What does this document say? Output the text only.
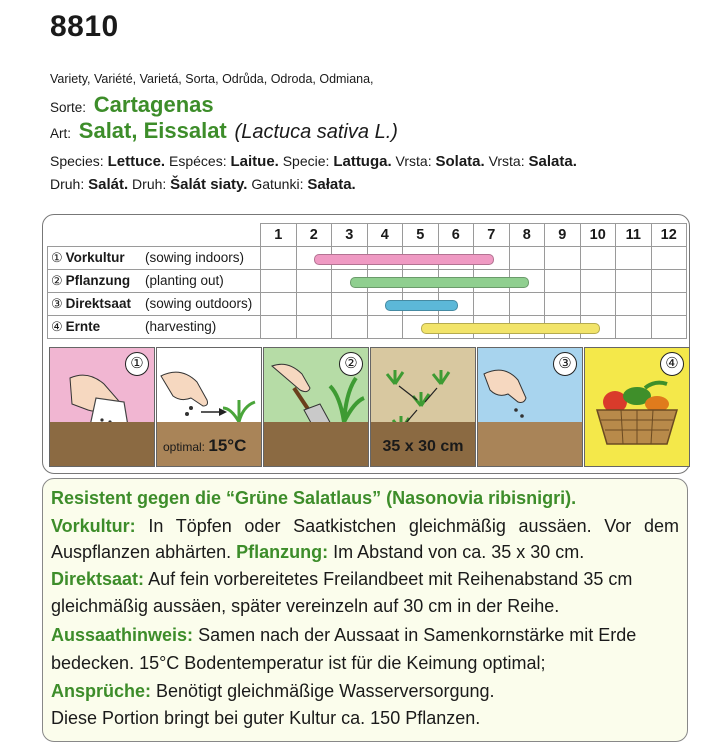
8810
Variety, Variété, Varietá, Sorta, Odrůda, Odroda, Odmiana,
Sorte: Cartagenas
Art: Salat, Eissalat (Lactuca sativa L.)
Species: Lettuce. Espéces: Laitue. Specie: Lattuga. Vrsta: Solata. Vrsta: Salata.
Druh: Salát. Druh: Šalát siaty. Gatunki: Sałata.
	1	2	3	4	5	6	7	8	9	10	11	12
① Vorkultur (sowing indoors)												

② Pflanzung (planting out)												

③ Direktsaat (sowing outdoors)												

④ Ernte (harvesting)												

①
optimal: 15°C
②
35 x 30 cm
③	④

Resistent gegen die “Grüne Salatlaus” (Nasonovia ribisnigri).

Vorkultur: In Töpfen oder Saatkistchen gleichmäßig aussäen. Vor dem

Auspflanzen abhärten. Pflanzung: Im Abstand von ca. 35 x 30 cm.

Direktsaat: Auf fein vorbereitetes Freilandbeet mit Reihenabstand 35 cm

gleichmäßig aussäen, später vereinzeln auf 30 cm in der Reihe.

Aussaathinweis: Samen nach der Aussaat in Samenkornstärke mit Erde

bedecken. 15°C Bodentemperatur ist für die Keimung optimal;

Ansprüche: Benötigt gleichmäßige Wasserversorgung.

Diese Portion bringt bei guter Kultur ca. 150 Pflanzen.
